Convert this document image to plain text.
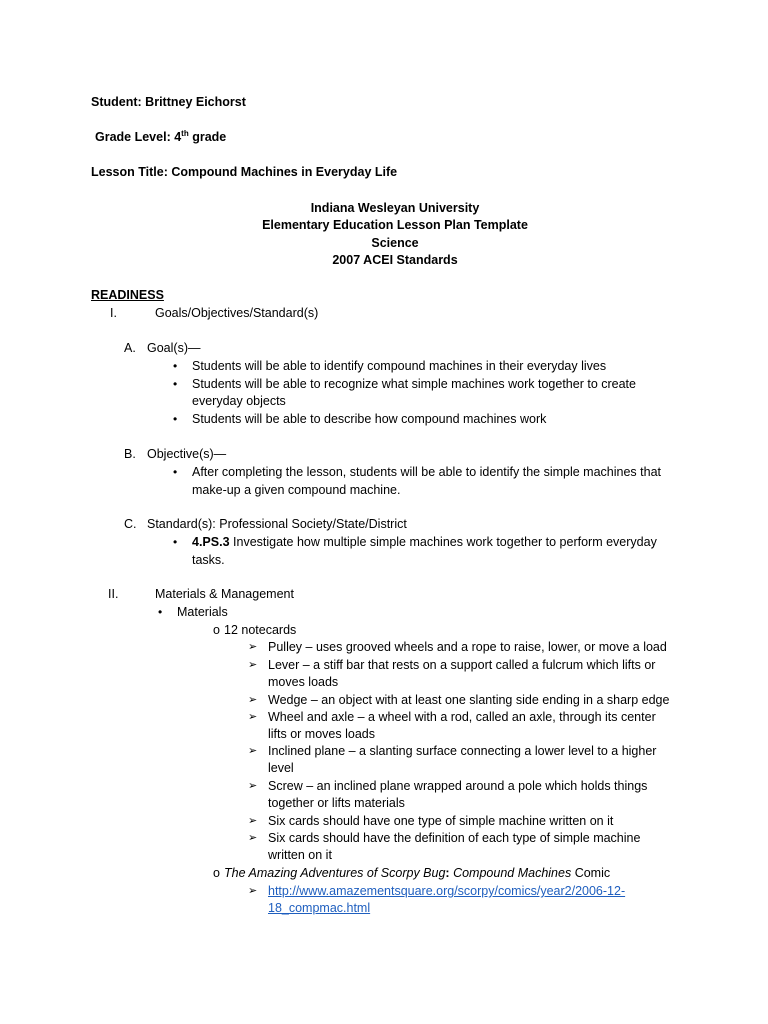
Student: Brittney Eichorst
Grade Level: 4th grade
Lesson Title: Compound Machines in Everyday Life
Indiana Wesleyan University
Elementary Education Lesson Plan Template
Science
2007 ACEI Standards
READINESS
I.	Goals/Objectives/Standard(s)
A. Goal(s)—
• Students will be able to identify compound machines in their everyday lives
• Students will be able to recognize what simple machines work together to create
everyday objects
• Students will be able to describe how compound machines work
B. Objective(s)—
• After completing the lesson, students will be able to identify the simple machines that
make-up a given compound machine.
C. Standard(s): Professional Society/State/District
• 4.PS.3 Investigate how multiple simple machines work together to perform everyday
tasks.
II.	Materials & Management
• Materials
o 12 notecards
➢ Pulley – uses grooved wheels and a rope to raise, lower, or move a load
➢ Lever – a stiff bar that rests on a support called a fulcrum which lifts or
moves loads
➢ Wedge – an object with at least one slanting side ending in a sharp edge
➢ Wheel and axle – a wheel with a rod, called an axle, through its center
lifts or moves loads
➢ Inclined plane – a slanting surface connecting a lower level to a higher
level
➢ Screw – an inclined plane wrapped around a pole which holds things
together or lifts materials
➢ Six cards should have one type of simple machine written on it
➢ Six cards should have the definition of each type of simple machine
written on it
o The Amazing Adventures of Scorpy Bug: Compound Machines Comic
➢ http://www.amazementsquare.org/scorpy/comics/year2/2006-12-
18_compmac.html
